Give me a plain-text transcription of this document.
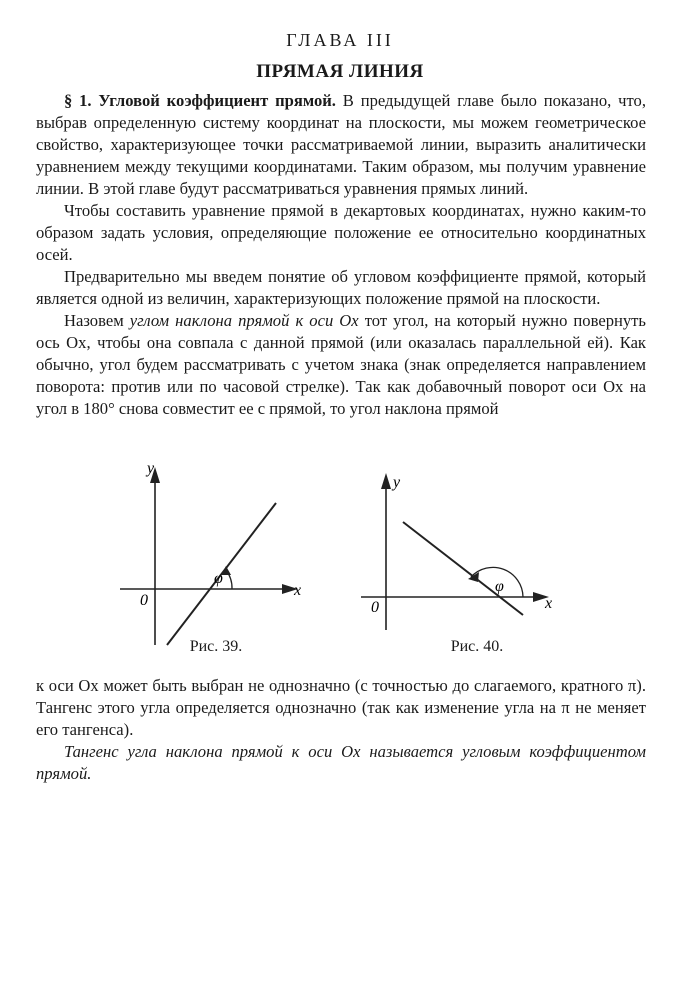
ГЛАВА III
ПРЯМАЯ ЛИНИЯ

§ 1. Угловой коэффициент прямой. В предыдущей главе было показано, что, выбрав определенную систему координат на плоскости, мы можем геометрическое свойство, характеризующее точки рассматриваемой линии, выразить аналитически уравнением между текущими координатами. Таким образом, мы получим уравнение линии. В этой главе будут рассматриваться уравнения прямых линий.

Чтобы составить уравнение прямой в декартовых координатах, нужно каким-то образом задать условия, определяющие положение ее относительно координатных осей.

Предварительно мы введем понятие об угловом коэффициенте прямой, который является одной из величин, характеризующих положение прямой на плоскости.

Назовем углом наклона прямой к оси Ox тот угол, на который нужно повернуть ось Ox, чтобы она совпала с данной прямой (или оказалась параллельной ей). Как обычно, угол будем рассматривать с учетом знака (знак определяется направлением поворота: против или по часовой стрелке). Так как добавочный поворот оси Ox на угол в 180° снова совместит ее с прямой, то угол наклона прямой

y
x
0
φ
Рис. 39.
y
x
0
φ
Рис. 40.

к оси Ox может быть выбран не однозначно (с точностью до слагаемого, кратного π). Тангенс этого угла определяется однозначно (так как изменение угла на π не меняет его тангенса).

Тангенс угла наклона прямой к оси Ox называется угловым коэффициентом прямой.
